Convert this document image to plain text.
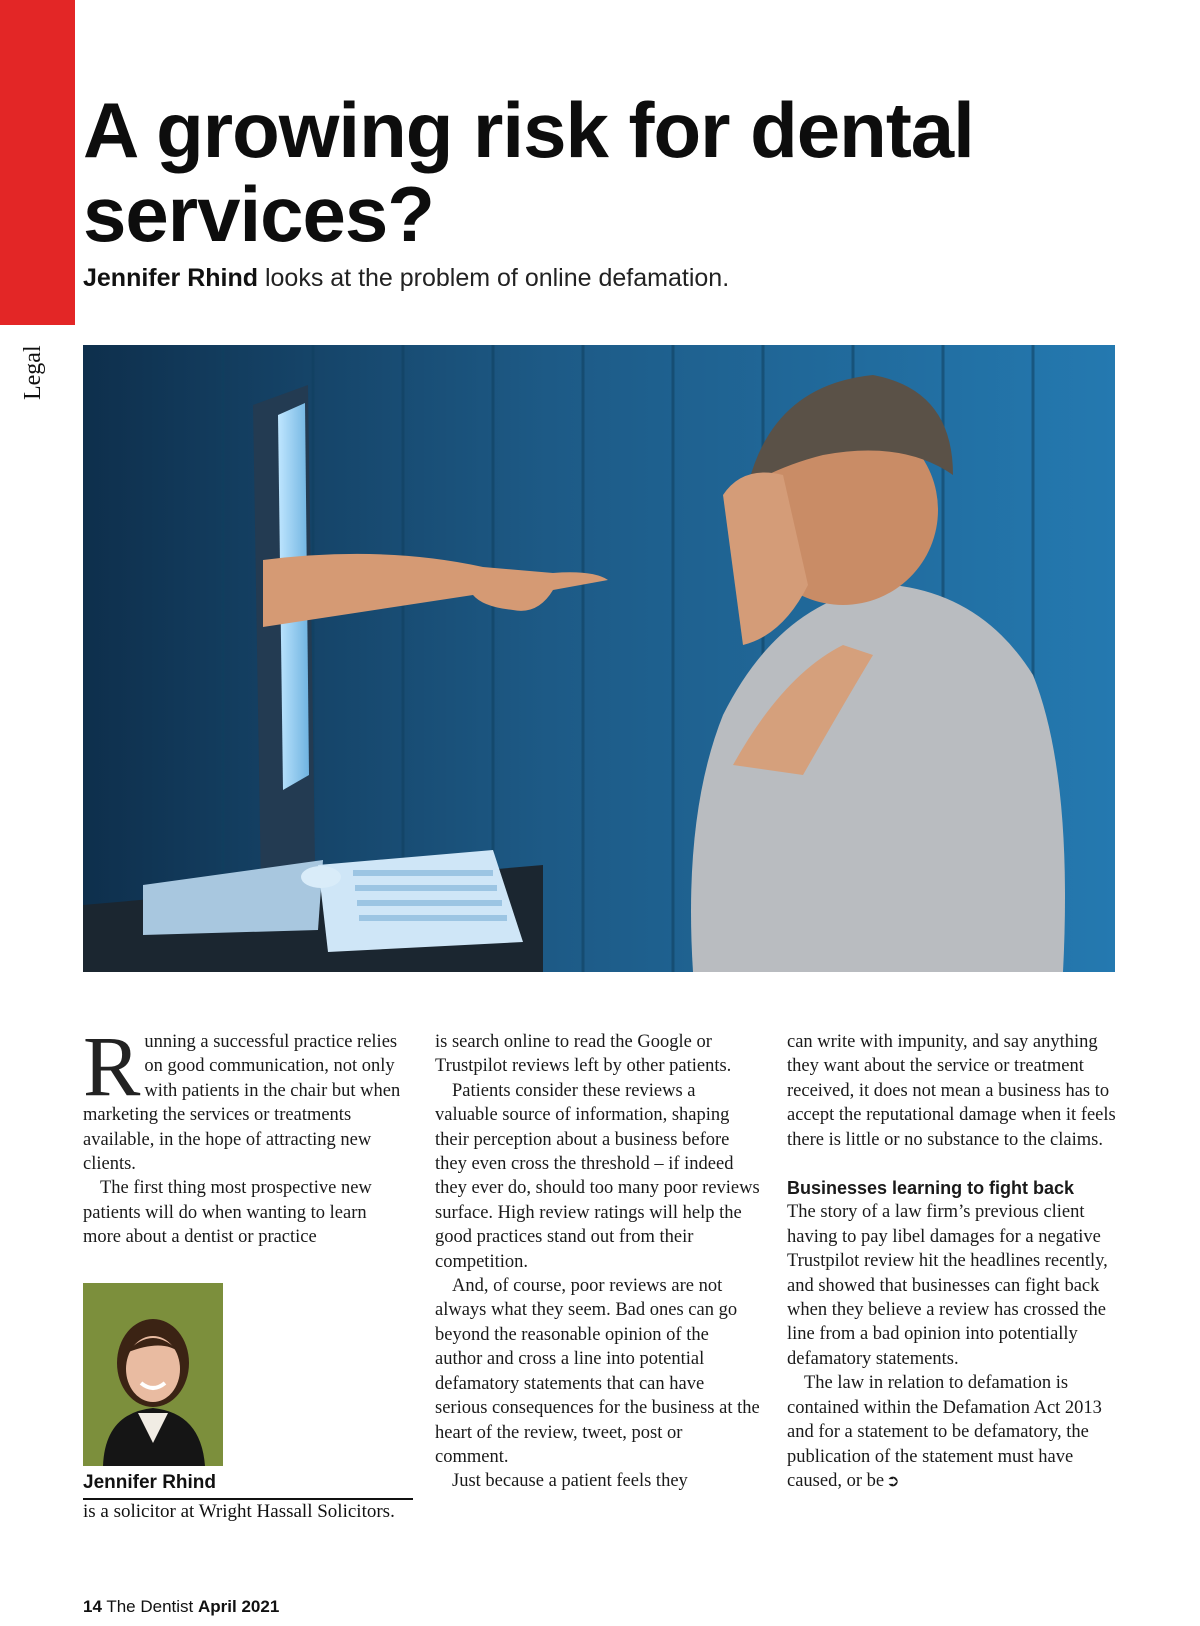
Legal
A growing risk for dental services?
Jennifer Rhind looks at the problem of online defamation.
R unning a successful practice relies on good communication, not only with patients in the chair but when marketing the services or treatments available, in the hope of attracting new clients.

The first thing most prospective new patients will do when wanting to learn more about a dentist or practice

Jennifer Rhind
is a solicitor at Wright Hassall Solicitors.

is search online to read the Google or Trustpilot reviews left by other patients.

Patients consider these reviews a valuable source of information, shaping their perception about a business before they even cross the threshold – if indeed they ever do, should too many poor reviews surface. High review ratings will help the good practices stand out from their competition.

And, of course, poor reviews are not always what they seem. Bad ones can go beyond the reasonable opinion of the author and cross a line into potential defamatory statements that can have serious consequences for the business at the heart of the review, tweet, post or comment.

Just because a patient feels they

can write with impunity, and say anything they want about the service or treatment received, it does not mean a business has to accept the reputational damage when it feels there is little or no substance to the claims.

Businesses learning to fight back

The story of a law firm’s previous client having to pay libel damages for a negative Trustpilot review hit the headlines recently, and showed that businesses can fight back when they believe a review has crossed the line from a bad opinion into potentially defamatory statements.

The law in relation to defamation is contained within the Defamation Act 2013 and for a statement to be defamatory, the publication of the statement must have caused, or be ➲

14 The Dentist April 2021
